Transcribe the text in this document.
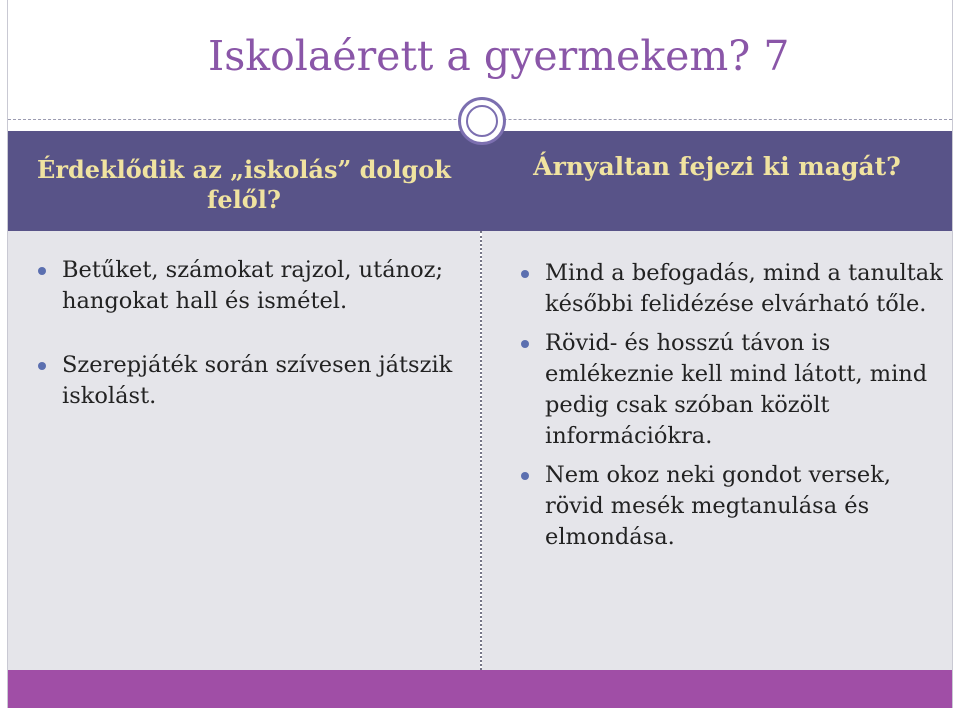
Iskolaérett a gyermekem? 7
Érdeklődik az „iskolás” dolgok felől?
Árnyaltan fejezi ki magát?
Betűket, számokat rajzol, utánoz; hangokat hall és ismétel.
Szerepjáték során szívesen játszik iskolást.
Mind a befogadás, mind a tanultak későbbi felidézése elvárható tőle.
Rövid- és hosszú távon is emlékeznie kell mind látott, mind pedig csak szóban közölt információkra.
Nem okoz neki gondot versek, rövid mesék megtanulása és elmondása.
